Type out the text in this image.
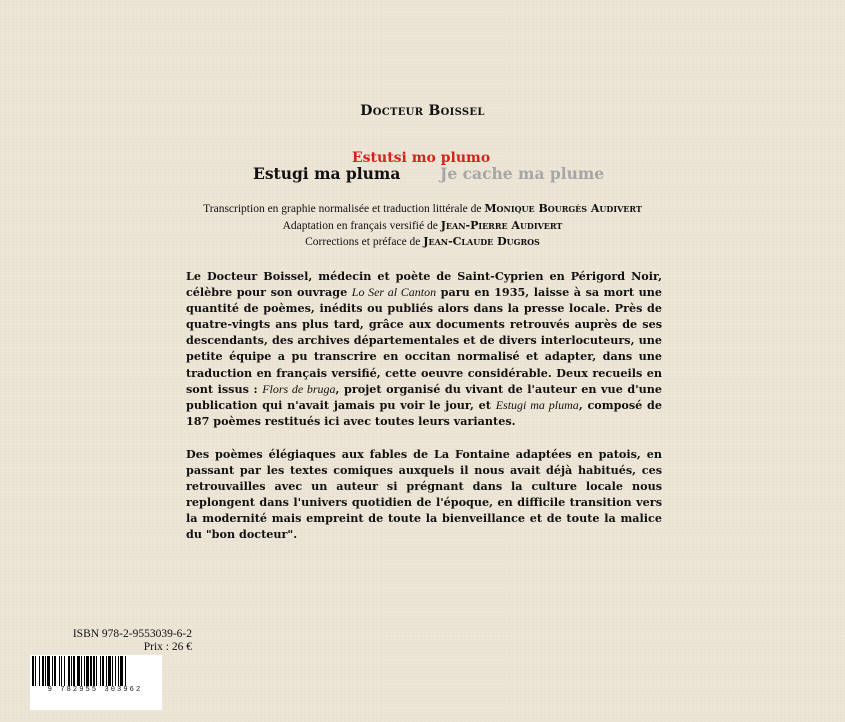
Docteur Boissel
Estutsi mo plumo
Estugi ma pluma	Je cache ma plume
Transcription en graphie normalisée et traduction littérale de Monique Bourgès Audivert
Adaptation en français versifié de Jean-Pierre Audivert
Corrections et préface de Jean-Claude Dugros

Le Docteur Boissel, médecin et poète de Saint-Cyprien en Périgord Noir, célèbre pour son ouvrage Lo Ser al Canton paru en 1935, laisse à sa mort une quantité de poèmes, inédits ou publiés alors dans la presse locale. Près de quatre-vingts ans plus tard, grâce aux documents retrouvés auprès de ses descendants, des archives départementales et de divers interlocuteurs, une petite équipe a pu transcrire en occitan normalisé et adapter, dans une traduction en français versifié, cette oeuvre considérable. Deux recueils en sont issus : Flors de bruga, projet organisé du vivant de l'auteur en vue d'une publication qui n'avait jamais pu voir le jour, et Estugi ma pluma, composé de 187 poèmes restitués ici avec toutes leurs variantes.

Des poèmes élégiaques aux fables de La Fontaine adaptées en patois, en passant par les textes comiques auxquels il nous avait déjà habitués, ces retrouvailles avec un auteur si prégnant dans la culture locale nous replongent dans l'univers quotidien de l'époque, en difficile transition vers la modernité mais empreint de toute la bienveillance et de toute la malice du "bon docteur".

ISBN 978-2-9553039-6-2
Prix : 26 €
9 782955 303962
